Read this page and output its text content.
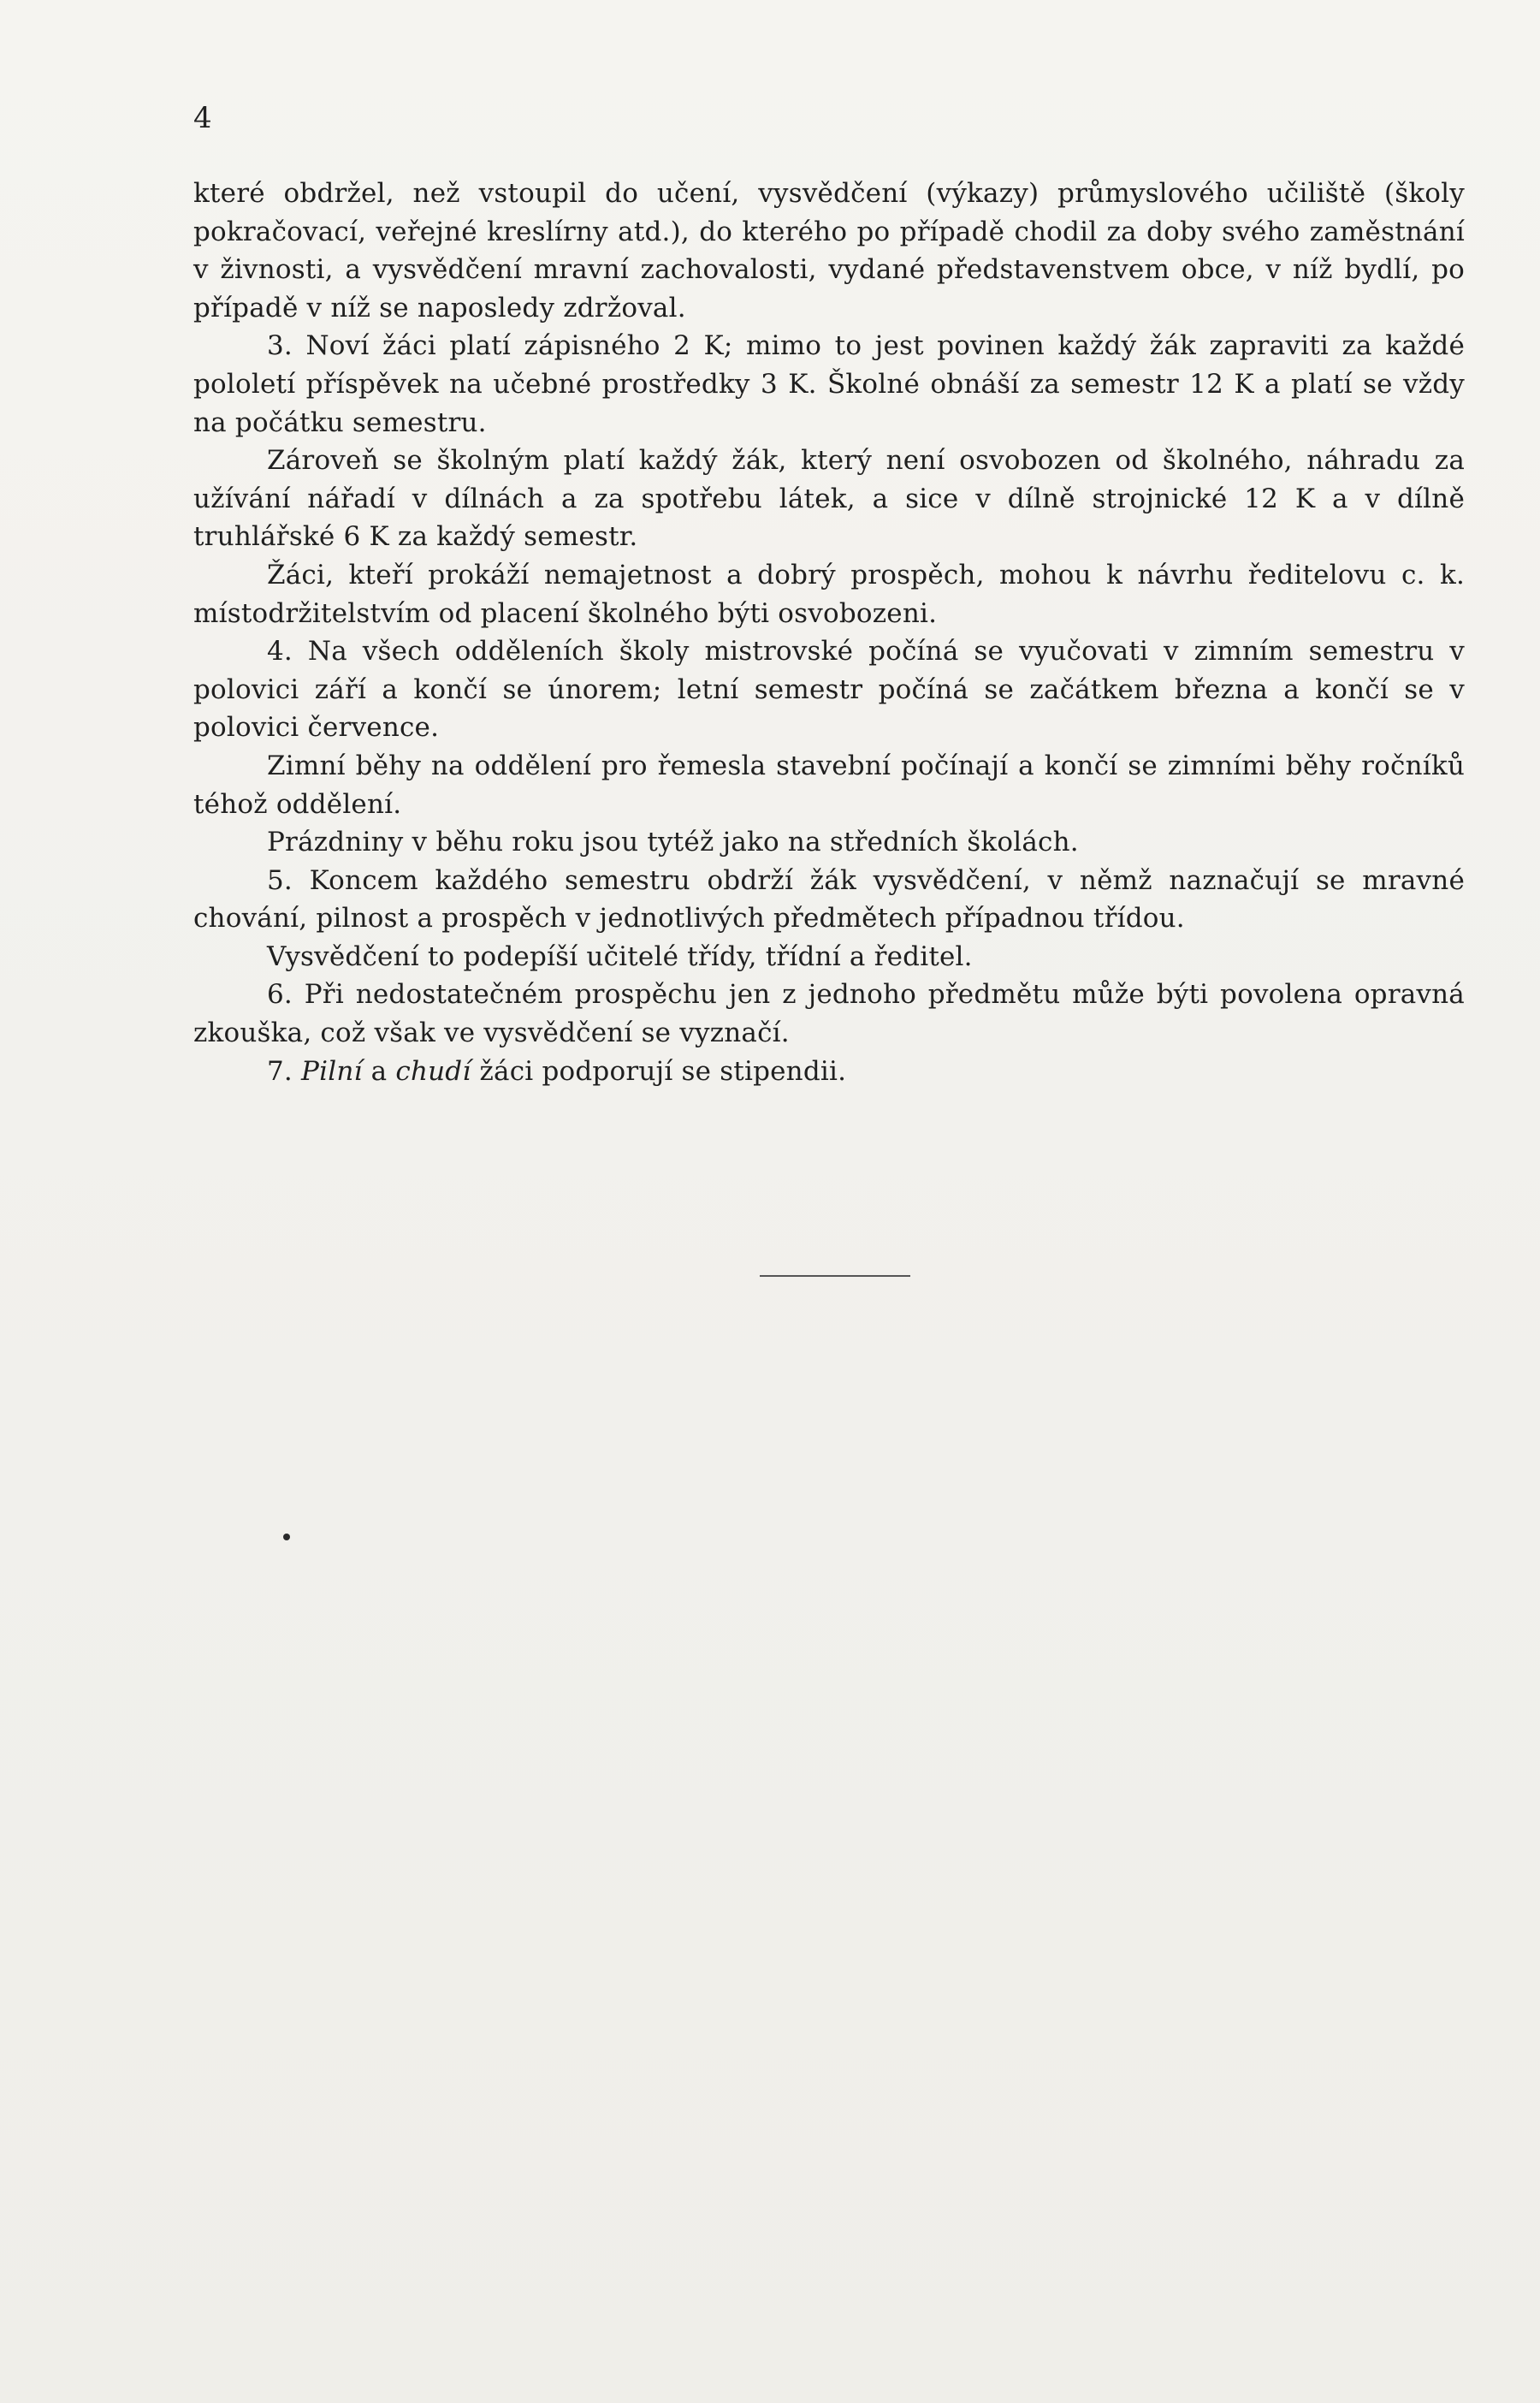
4

které obdržel, než vstoupil do učení, vysvědčení (výkazy) průmyslového učiliště (školy pokračovací, veřejné kreslírny atd.), do kterého po případě chodil za doby svého zaměstnání v živnosti, a vysvědčení mravní zachovalosti, vydané představenstvem obce, v níž bydlí, po případě v níž se naposledy zdržoval.

3. Noví žáci platí zápisného 2 K; mimo to jest povinen každý žák zapraviti za každé pololetí příspěvek na učebné prostředky 3 K. Školné obnáší za semestr 12 K a platí se vždy na počátku semestru.

Zároveň se školným platí každý žák, který není osvobozen od školného, náhradu za užívání nářadí v dílnách a za spotřebu látek, a sice v dílně strojnické 12 K a v dílně truhlářské 6 K za každý semestr.

Žáci, kteří prokáží nemajetnost a dobrý prospěch, mohou k návrhu ředitelovu c. k. místodržitelstvím od placení školného býti osvobozeni.

4. Na všech odděleních školy mistrovské počíná se vyučovati v zimním semestru v polovici září a končí se únorem; letní semestr počíná se začátkem března a končí se v polovici července.

Zimní běhy na oddělení pro řemesla stavební počínají a končí se zimními běhy ročníků téhož oddělení.

Prázdniny v běhu roku jsou tytéž jako na středních školách.

5. Koncem každého semestru obdrží žák vysvědčení, v němž naznačují se mravné chování, pilnost a prospěch v jednotlivých předmětech případnou třídou.

Vysvědčení to podepíší učitelé třídy, třídní a ředitel.

6. Při nedostatečném prospěchu jen z jednoho předmětu může býti povolena opravná zkouška, což však ve vysvědčení se vyznačí.

7. Pilní a chudí žáci podporují se stipendii.
